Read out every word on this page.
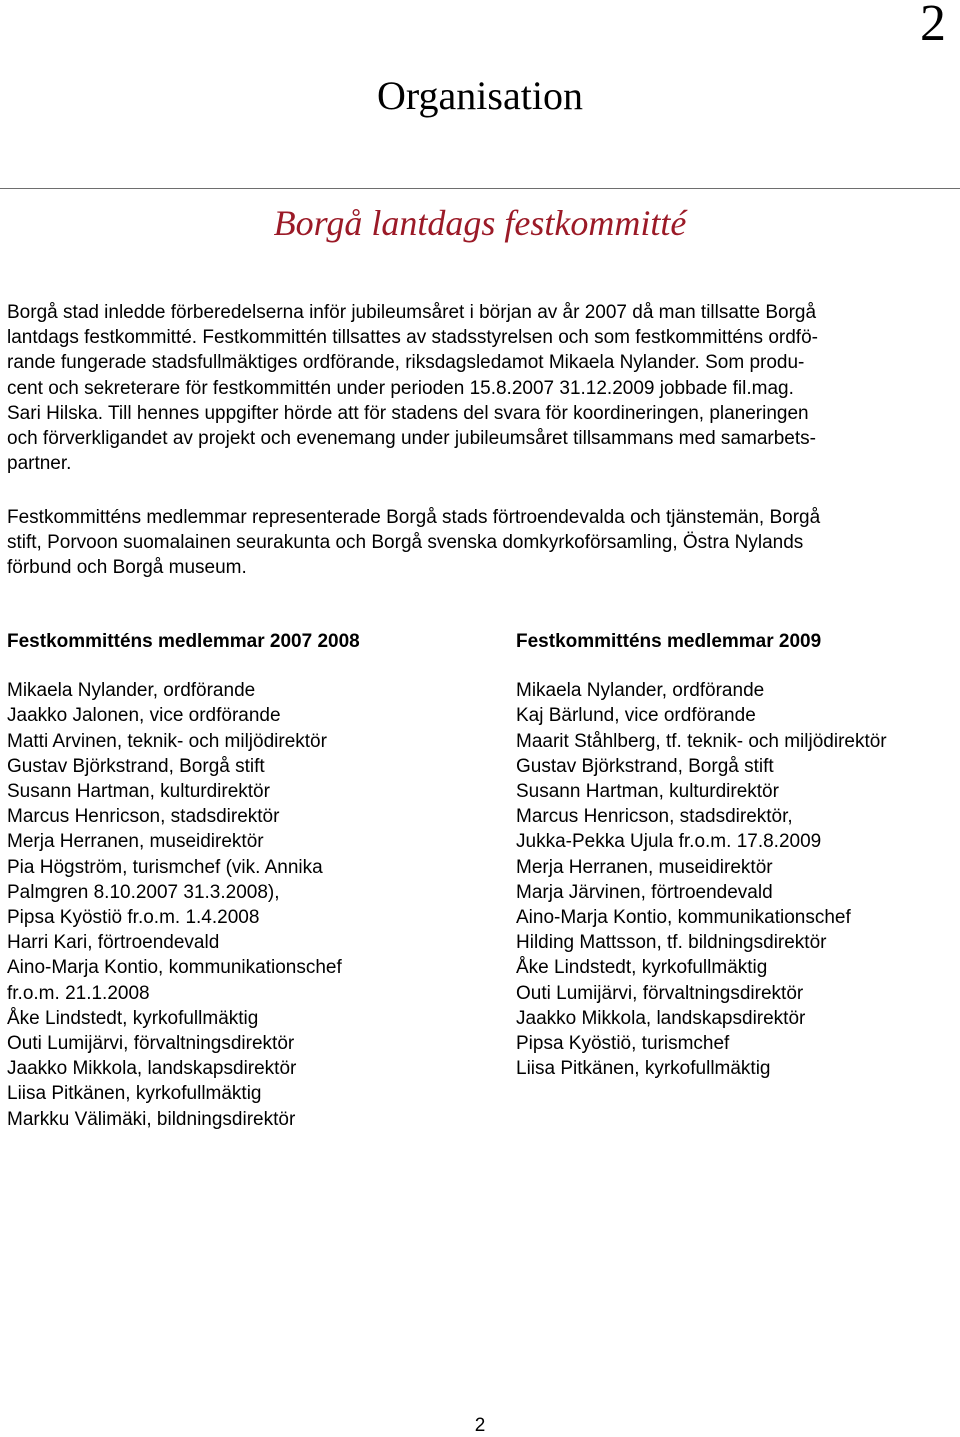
2
Organisation
Borgå lantdags festkommitté

Borgå stad inledde förberedelserna inför jubileumsåret i början av år 2007 då man tillsatte Borgå
lantdags festkommitté. Festkommittén tillsattes av stadsstyrelsen och som festkommitténs ordfö-
rande fungerade stadsfullmäktiges ordförande, riksdagsledamot Mikaela Nylander. Som produ-
cent och sekreterare för festkommittén under perioden 15.8.2007 31.12.2009 jobbade fil.mag.
Sari Hilska. Till hennes uppgifter hörde att för stadens del svara för koordineringen, planeringen
och förverkligandet av projekt och evenemang under jubileumsåret tillsammans med samarbets-
partner.

Festkommitténs medlemmar representerade Borgå stads förtroendevalda och tjänstemän, Borgå
stift, Porvoon suomalainen seurakunta och Borgå svenska domkyrkoförsamling, Östra Nylands
förbund och Borgå museum.

Festkommitténs medlemmar 2007 2008
Mikaela Nylander, ordförande
Jaakko Jalonen, vice ordförande
Matti Arvinen, teknik- och miljödirektör
Gustav Björkstrand, Borgå stift
Susann Hartman, kulturdirektör
Marcus Henricson, stadsdirektör
Merja Herranen, museidirektör
Pia Högström, turismchef (vik. Annika
Palmgren 8.10.2007 31.3.2008),
Pipsa Kyöstiö fr.o.m. 1.4.2008
Harri Kari, förtroendevald
Aino-Marja Kontio, kommunikationschef
fr.o.m. 21.1.2008
Åke Lindstedt, kyrkofullmäktig
Outi Lumijärvi, förvaltningsdirektör
Jaakko Mikkola, landskapsdirektör
Liisa Pitkänen, kyrkofullmäktig
Markku Välimäki, bildningsdirektör
Festkommitténs medlemmar 2009
Mikaela Nylander, ordförande
Kaj Bärlund, vice ordförande
Maarit Ståhlberg, tf. teknik- och miljödirektör
Gustav Björkstrand, Borgå stift
Susann Hartman, kulturdirektör
Marcus Henricson, stadsdirektör,
Jukka-Pekka Ujula fr.o.m. 17.8.2009
Merja Herranen, museidirektör
Marja Järvinen, förtroendevald
Aino-Marja Kontio, kommunikationschef
Hilding Mattsson, tf. bildningsdirektör
Åke Lindstedt, kyrkofullmäktig
Outi Lumijärvi, förvaltningsdirektör
Jaakko Mikkola, landskapsdirektör
Pipsa Kyöstiö, turismchef
Liisa Pitkänen, kyrkofullmäktig
2
